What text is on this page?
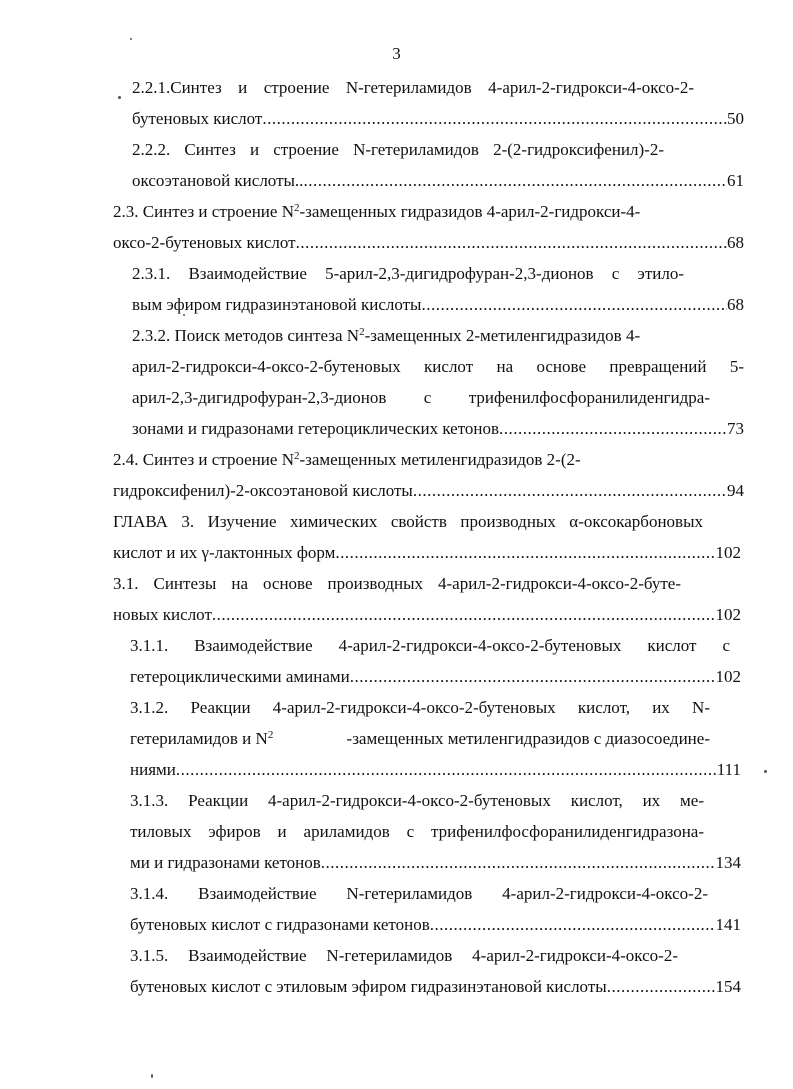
3
2.2.1.Синтез и строение N-гетериламидов 4-арил-2-гидрокси-4-оксо-2-
бутеновых кислот .....	50
2.2.2. Синтез и строение N-гетериламидов 2-(2-гидроксифенил)-2-
оксоэтановой кислоты.. .....	61
2.3. Синтез и строение $N^2$-замещенных гидразидов 4-арил-2-гидрокси-4-
оксо-2-бутеновых кислот .....	68
2.3.1. Взаимодействие 5-арил-2,3-дигидрофуран-2,3-дионов с этило-
вым эфиром гидразинэтановой кислоты .....	68
2.3.2. Поиск методов синтеза $N^2$-замещенных 2-метиленгидразидов 4-
арил-2-гидрокси-4-оксо-2-бутеновых кислот на основе превращений 5-
арил-2,3-дигидрофуран-2,3-дионов с трифенилфосфоранилиденгидра-
зонами и гидразонами гетероциклических кетонов .....	73
2.4. Синтез и строение $N^2$-замещенных метиленгидразидов 2-(2-
гидроксифенил)-2-оксоэтановой кислоты .....	94
ГЛАВА 3. Изучение химических свойств производных α-оксокарбоновых
кислот и их γ-лактонных форм .....	102
3.1. Синтезы на основе производных 4-арил-2-гидрокси-4-оксо-2-буте-
новых кислот .....	102
3.1.1. Взаимодействие 4-арил-2-гидрокси-4-оксо-2-бутеновых кислот с
гетероциклическими аминами .....	102
3.1.2. Реакции 4-арил-2-гидрокси-4-оксо-2-бутеновых кислот, их N-
гетериламидов и $N^2$	-замещенных метиленгидразидов с диазосоедине-
ниями .....	111
3.1.3. Реакции 4-арил-2-гидрокси-4-оксо-2-бутеновых кислот, их ме-
тиловых эфиров и ариламидов с трифенилфосфоранилиденгидразона-
ми и гидразонами кетонов .....	134
3.1.4. Взаимодействие N-гетериламидов 4-арил-2-гидрокси-4-оксо-2-
бутеновых кислот с гидразонами кетонов .....	141
3.1.5. Взаимодействие N-гетериламидов 4-арил-2-гидрокси-4-оксо-2-
бутеновых кислот с этиловым эфиром гидразинэтановой кислоты .....	154
